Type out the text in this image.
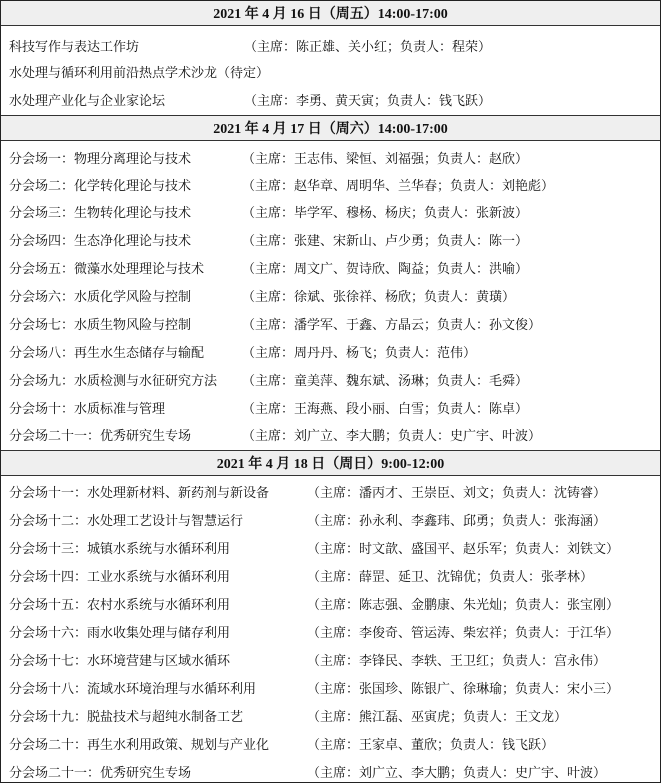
2021 年 4 月 16 日（周五）14:00-17:00
科技写作与表达工作坊	（主席：陈正雄、关小红；负责人：程荣）
水处理与循环利用前沿热点学术沙龙（待定）
水处理产业化与企业家论坛	（主席：李勇、黄天寅；负责人：钱飞跃）
2021 年 4 月 17 日（周六）14:00-17:00
分会场一：物理分离理论与技术	（主席：王志伟、梁恒、刘福强；负责人：赵欣）
分会场二：化学转化理论与技术	（主席：赵华章、周明华、兰华春；负责人：刘艳彪）
分会场三：生物转化理论与技术	（主席：毕学军、穆杨、杨庆；负责人：张新波）
分会场四：生态净化理论与技术	（主席：张建、宋新山、卢少勇；负责人：陈一）
分会场五：微藻水处理理论与技术	（主席：周文广、贺诗欣、陶益；负责人：洪喻）
分会场六：水质化学风险与控制	（主席：徐斌、张徐祥、杨欣；负责人：黄璜）
分会场七：水质生物风险与控制	（主席：潘学军、于鑫、方晶云；负责人：孙文俊）
分会场八：再生水生态储存与输配	（主席：周丹丹、杨飞；负责人：范伟）
分会场九：水质检测与水征研究方法 （主席：童美萍、魏东斌、汤琳；负责人：毛舜）
分会场十：水质标准与管理	（主席：王海燕、段小丽、白雪；负责人：陈卓）
分会场二十一：优秀研究生专场	（主席：刘广立、李大鹏；负责人：史广宇、叶波）
2021 年 4 月 18 日（周日）9:00-12:00
分会场十一：水处理新材料、新药剂与新设备	（主席：潘丙才、王崇臣、刘文；负责人：沈铸睿）
分会场十二：水处理工艺设计与智慧运行	（主席：孙永利、李鑫玮、邱勇；负责人：张海涵）
分会场十三：城镇水系统与水循环利用	（主席：时文歆、盛国平、赵乐军；负责人：刘铁文）
分会场十四：工业水系统与水循环利用	（主席：薛罡、延卫、沈锦优；负责人：张孝林）
分会场十五：农村水系统与水循环利用	（主席：陈志强、金鹏康、朱光灿；负责人：张宝刚）
分会场十六：雨水收集处理与储存利用	（主席：李俊奇、管运涛、柴宏祥；负责人：于江华）
分会场十七：水环境营建与区域水循环	（主席：李锋民、李轶、王卫红；负责人：宫永伟）
分会场十八：流域水环境治理与水循环利用	（主席：张国珍、陈银广、徐琳瑜；负责人：宋小三）
分会场十九：脱盐技术与超纯水制备工艺	（主席：熊江磊、巫寅虎；负责人：王文龙）
分会场二十：再生水利用政策、规划与产业化	（主席：王家卓、董欣；负责人：钱飞跃）
分会场二十一：优秀研究生专场	（主席：刘广立、李大鹏；负责人：史广宇、叶波）
